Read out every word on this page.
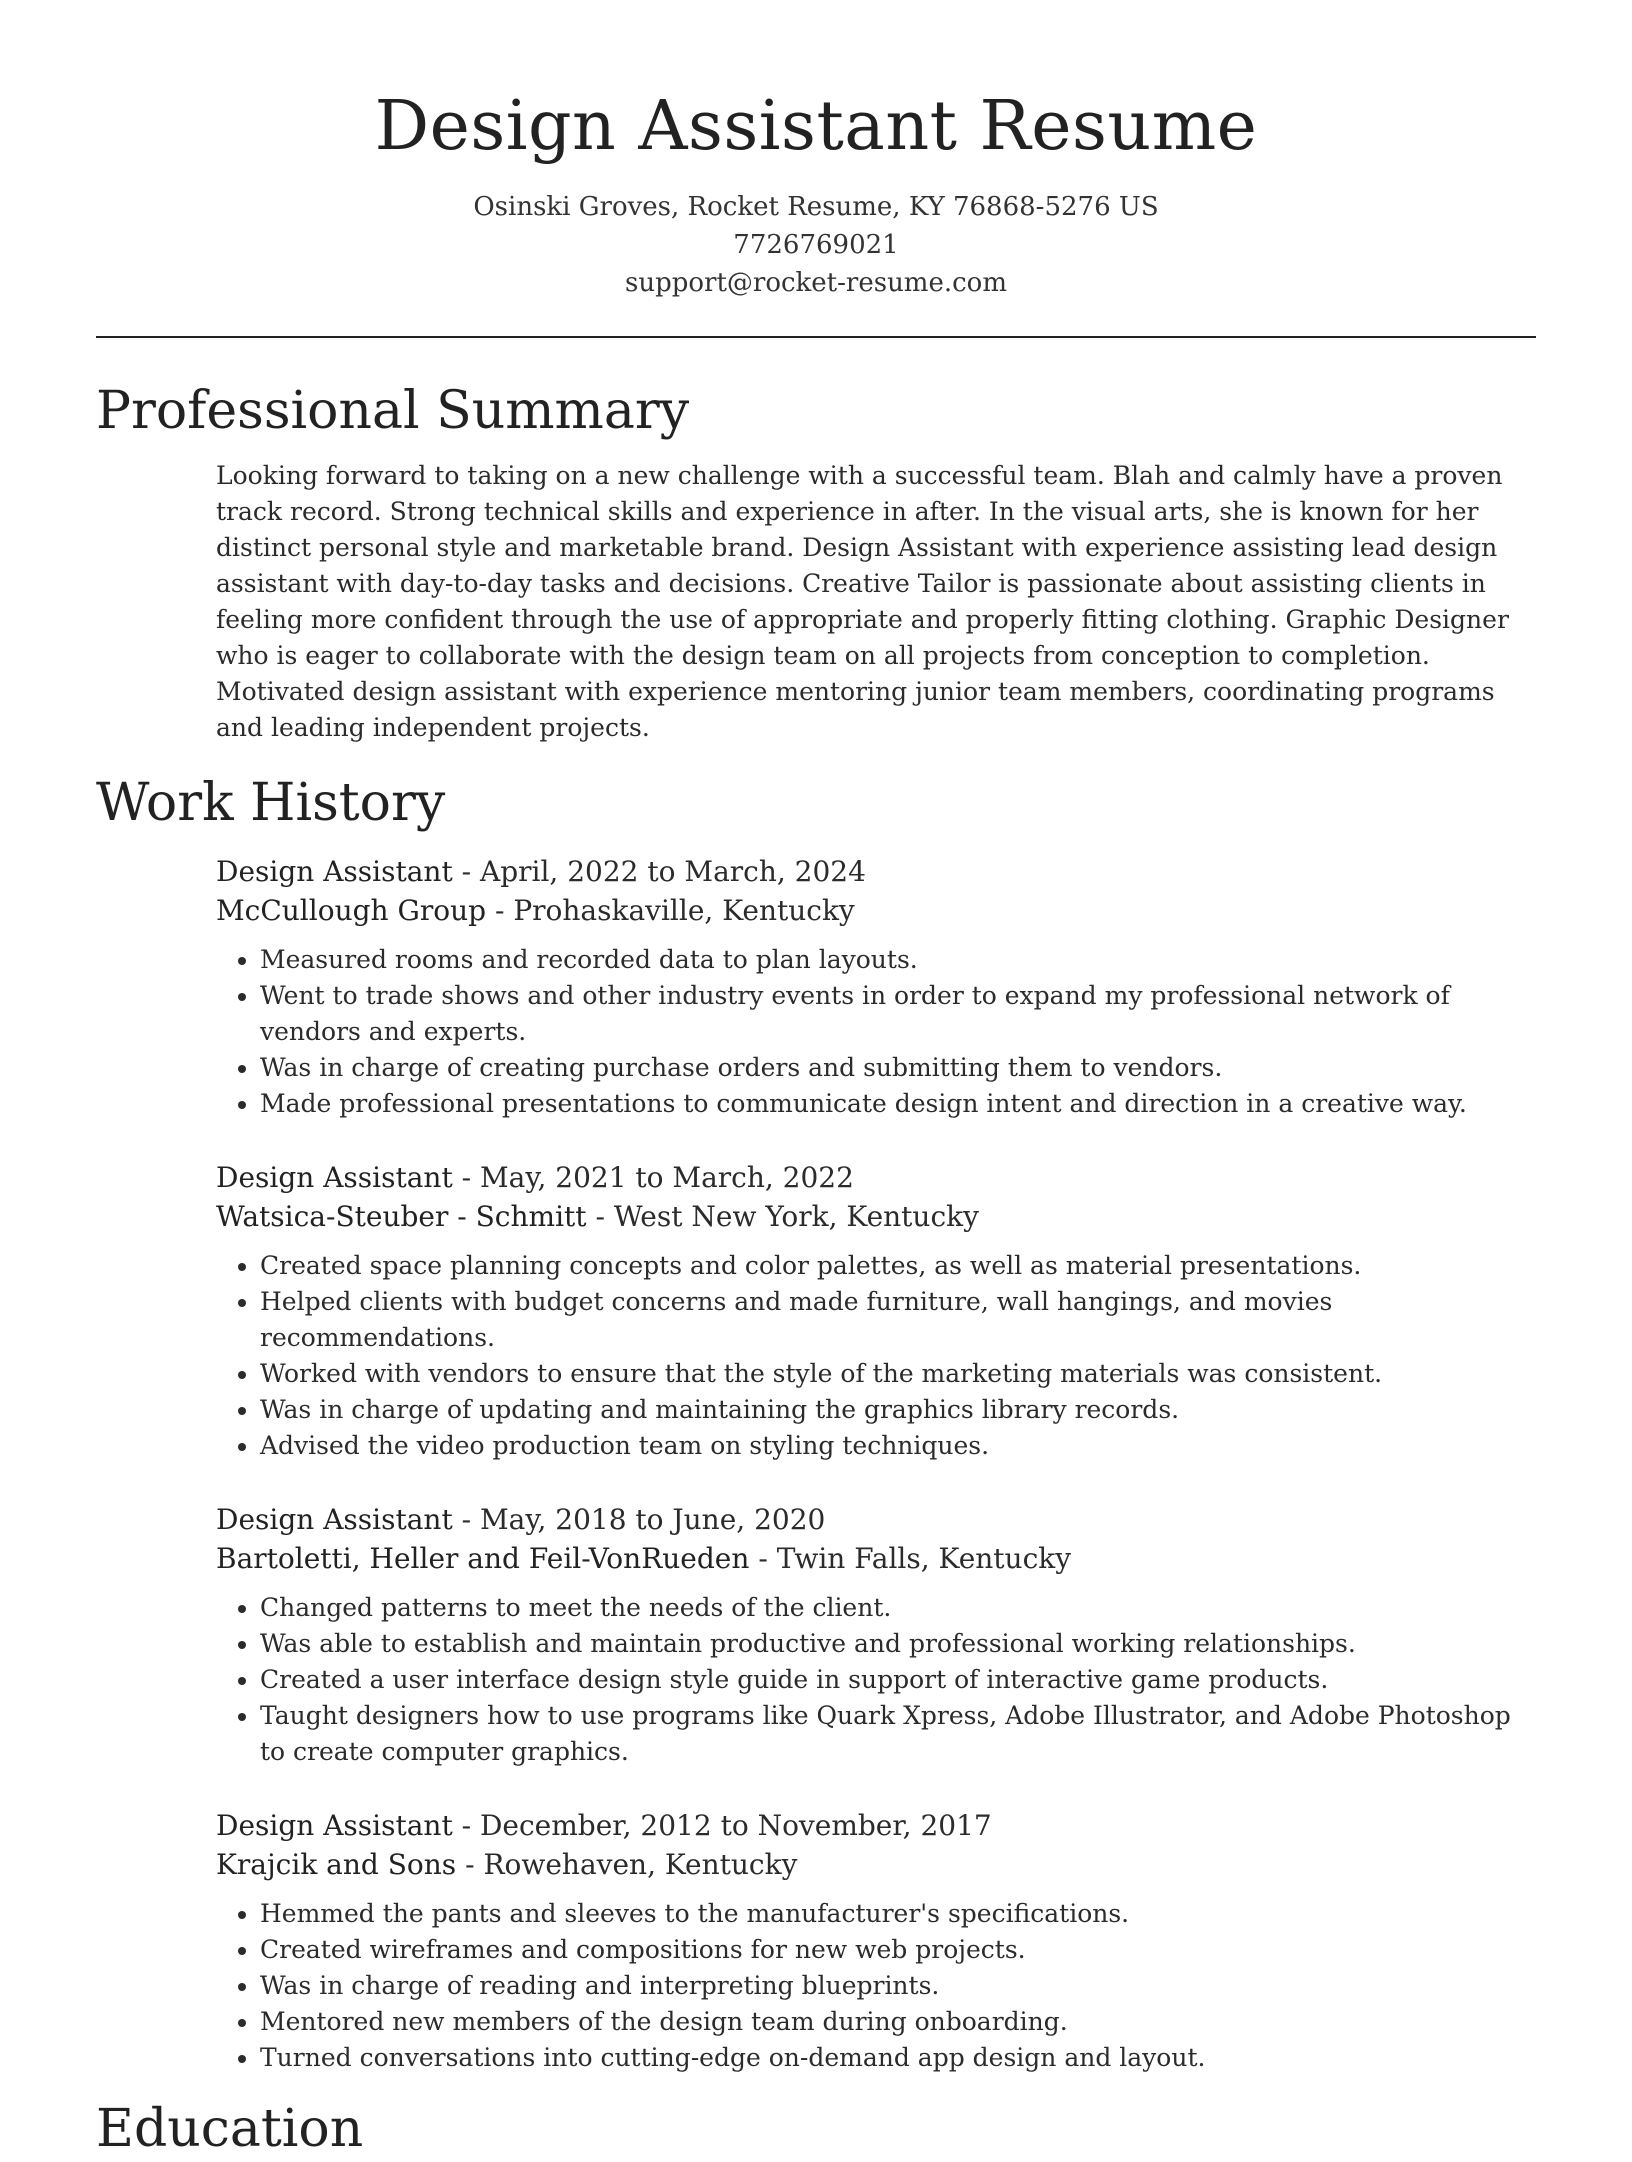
Design Assistant Resume
Osinski Groves, Rocket Resume, KY 76868-5276 US
7726769021
support@rocket-resume.com
Professional Summary

Looking forward to taking on a new challenge with a successful team. Blah and calmly have a proven track record. Strong technical skills and experience in after. In the visual arts, she is known for her distinct personal style and marketable brand. Design Assistant with experience assisting lead design assistant with day-to-day tasks and decisions. Creative Tailor is passionate about assisting clients in feeling more confident through the use of appropriate and properly fitting clothing. Graphic Designer who is eager to collaborate with the design team on all projects from conception to completion. Motivated design assistant with experience mentoring junior team members, coordinating programs and leading independent projects.

Work History
Design Assistant - April, 2022 to March, 2024
McCullough Group - Prohaskaville, Kentucky
• Measured rooms and recorded data to plan layouts.
• Went to trade shows and other industry events in order to expand my professional network of vendors and experts.
• Was in charge of creating purchase orders and submitting them to vendors.
• Made professional presentations to communicate design intent and direction in a creative way.
Design Assistant - May, 2021 to March, 2022
Watsica-Steuber - Schmitt - West New York, Kentucky
• Created space planning concepts and color palettes, as well as material presentations.
• Helped clients with budget concerns and made furniture, wall hangings, and movies recommendations.
• Worked with vendors to ensure that the style of the marketing materials was consistent.
• Was in charge of updating and maintaining the graphics library records.
• Advised the video production team on styling techniques.
Design Assistant - May, 2018 to June, 2020
Bartoletti, Heller and Feil-VonRueden - Twin Falls, Kentucky
• Changed patterns to meet the needs of the client.
• Was able to establish and maintain productive and professional working relationships.
• Created a user interface design style guide in support of interactive game products.
• Taught designers how to use programs like Quark Xpress, Adobe Illustrator, and Adobe Photoshop to create computer graphics.
Design Assistant - December, 2012 to November, 2017
Krajcik and Sons - Rowehaven, Kentucky
• Hemmed the pants and sleeves to the manufacturer's specifications.
• Created wireframes and compositions for new web projects.
• Was in charge of reading and interpreting blueprints.
• Mentored new members of the design team during onboarding.
• Turned conversations into cutting-edge on-demand app design and layout.
Education
